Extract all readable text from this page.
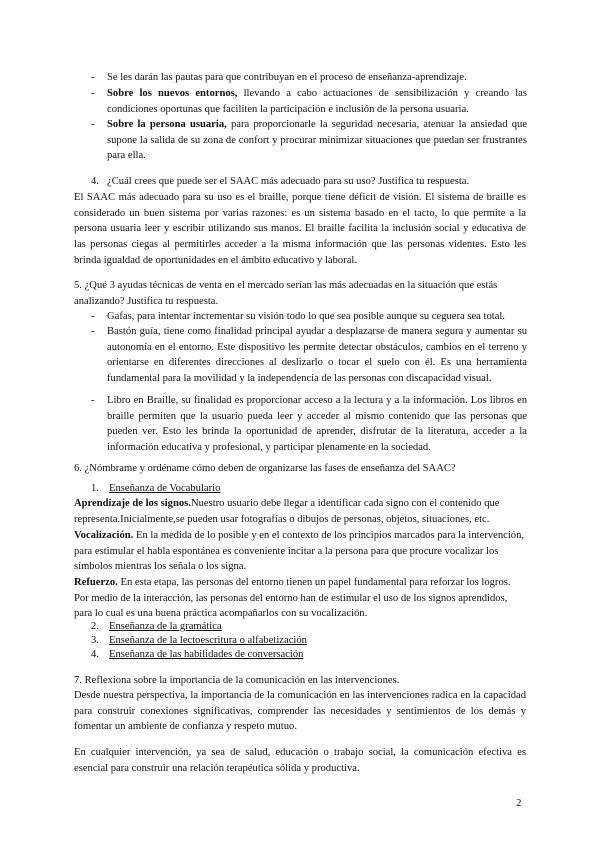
- Se les darán las pautas para que contribuyan en el proceso de enseñanza-aprendizaje.

- Sobre los nuevos entornos, llevando a cabo actuaciones de sensibilización y creando las condiciones oportunas que faciliten la participación e inclusión de la persona usuaria.

- Sobre la persona usuaria, para proporcionarle la seguridad necesaria, atenuar la ansiedad que supone la salida de su zona de confort y procurar minimizar situaciones que puedan ser frustrantes para ella.

4. ¿Cuál crees que puede ser el SAAC más adecuado para su uso? Justifica tu respuesta.

El SAAC más adecuado para su uso es el braille, porque tiene déficit de visión. El sistema de braille es considerado un buen sistema por varias razones: es un sistema basado en el tacto, lo que permite a la persona usuaria leer y escribir utilizando sus manos. El braille facilita la inclusión social y educativa de las personas ciegas al permitirles acceder a la misma información que las personas videntes. Esto les brinda igualdad de oportunidades en el ámbito educativo y laboral.

5. ¿Qué 3 ayudas técnicas de venta en el mercado serían las más adecuadas en la situación que estás analizando? Justifica tu respuesta.

- Gafas, para intentar incrementar su visión todo lo que sea posible aunque su ceguera sea total.

- Bastón guía, tiene como finalidad principal ayudar a desplazarse de manera segura y aumentar su autonomía en el entorno. Este dispositivo les permite detectar obstáculos, cambios en el terreno y orientarse en diferentes direcciones al deslizarlo o tocar el suelo con él. Es una herramienta fundamental para la movilidad y la independencia de las personas con discapacidad visual.

- Libro en Braille, su finalidad es proporcionar acceso a la lectura y a la información. Los libros en braille permiten que la usuario pueda leer y acceder al mismo contenido que las personas que pueden ver. Esto les brinda la oportunidad de aprender, disfrutar de la literatura, acceder a la información educativa y profesional, y participar plenamente en la sociedad.

6. ¿Nómbrame y ordéname cómo deben de organizarse las fases de enseñanza del SAAC?

1. Enseñanza de Vocabulario

Aprendizaje de los signos.Nuestro usuario debe llegar a identificar cada signo con el contenido que representa.Inicialmente,se pueden usar fotografías o dibujos de personas, objetos, situaciones, etc.

Vocalización. En la medida de lo posible y en el contexto de los principios marcados para la intervención, para estimular el habla espontánea es conveniente incitar a la persona para que procure vocalizar los símbolos mientras los señala o los signa.

Refuerzo. En esta etapa, las personas del entorno tienen un papel fundamental para reforzar los logros. Por medio de la interacción, las personas del entorno han de estimular el uso de los signos aprendidos, para lo cual es una buena práctica acompañarlos con su vocalización.

2. Enseñanza de la gramática

3. Enseñanza de la lectoescritura o alfabetización

4. Enseñanza de las habilidades de conversación

7. Reflexiona sobre la importancia de la comunicación en las intervenciones.

Desde nuestra perspectiva, la importancia de la comunicación en las intervenciones radica en la capacidad para construir conexiones significativas, comprender las necesidades y sentimientos de los demás y fomentar un ambiente de confianza y respeto mutuo.

En cualquier intervención, ya sea de salud, educación o trabajo social, la comunicación efectiva es esencial para construir una relación terapéutica sólida y productiva.

2
